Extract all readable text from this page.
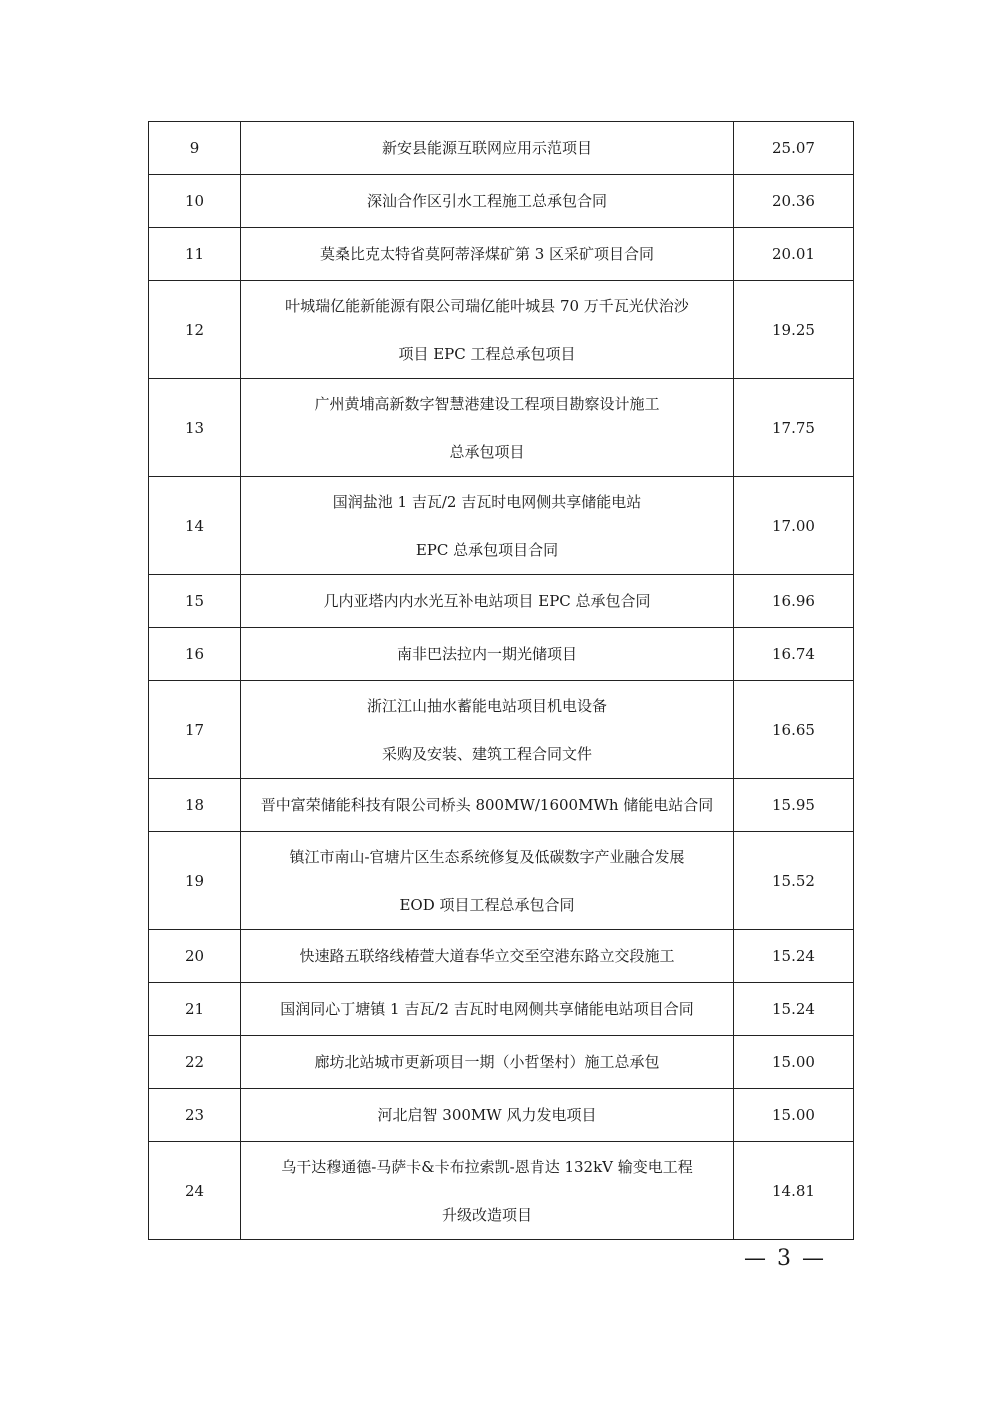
9	新安县能源互联网应用示范项目	25.07
10	深汕合作区引水工程施工总承包合同	20.36
11	莫桑比克太特省莫阿蒂泽煤矿第 3 区采矿项目合同	20.01
12	叶城瑞亿能新能源有限公司瑞亿能叶城县 70 万千瓦光伏治沙
项目 EPC 工程总承包项目	19.25
13	广州黄埔高新数字智慧港建设工程项目勘察设计施工
总承包项目	17.75
14	国润盐池 1 吉瓦/2 吉瓦时电网侧共享储能电站
EPC 总承包项目合同	17.00
15	几内亚塔内内水光互补电站项目 EPC 总承包合同	16.96
16	南非巴法拉内一期光储项目	16.74
17	浙江江山抽水蓄能电站项目机电设备
采购及安装、建筑工程合同文件	16.65
18	晋中富荣储能科技有限公司桥头 800MW/1600MWh 储能电站合同	15.95
19	镇江市南山-官塘片区生态系统修复及低碳数字产业融合发展
EOD 项目工程总承包合同	15.52
20	快速路五联络线椿萱大道春华立交至空港东路立交段施工	15.24
21	国润同心丁塘镇 1 吉瓦/2 吉瓦时电网侧共享储能电站项目合同	15.24
22	廊坊北站城市更新项目一期（小哲堡村）施工总承包	15.00
23	河北启智 300MW 风力发电项目	15.00
24	乌干达穆通德-马萨卡&卡布拉索凯-恩肯达 132kV 输变电工程
升级改造项目	14.81
— 3 —
